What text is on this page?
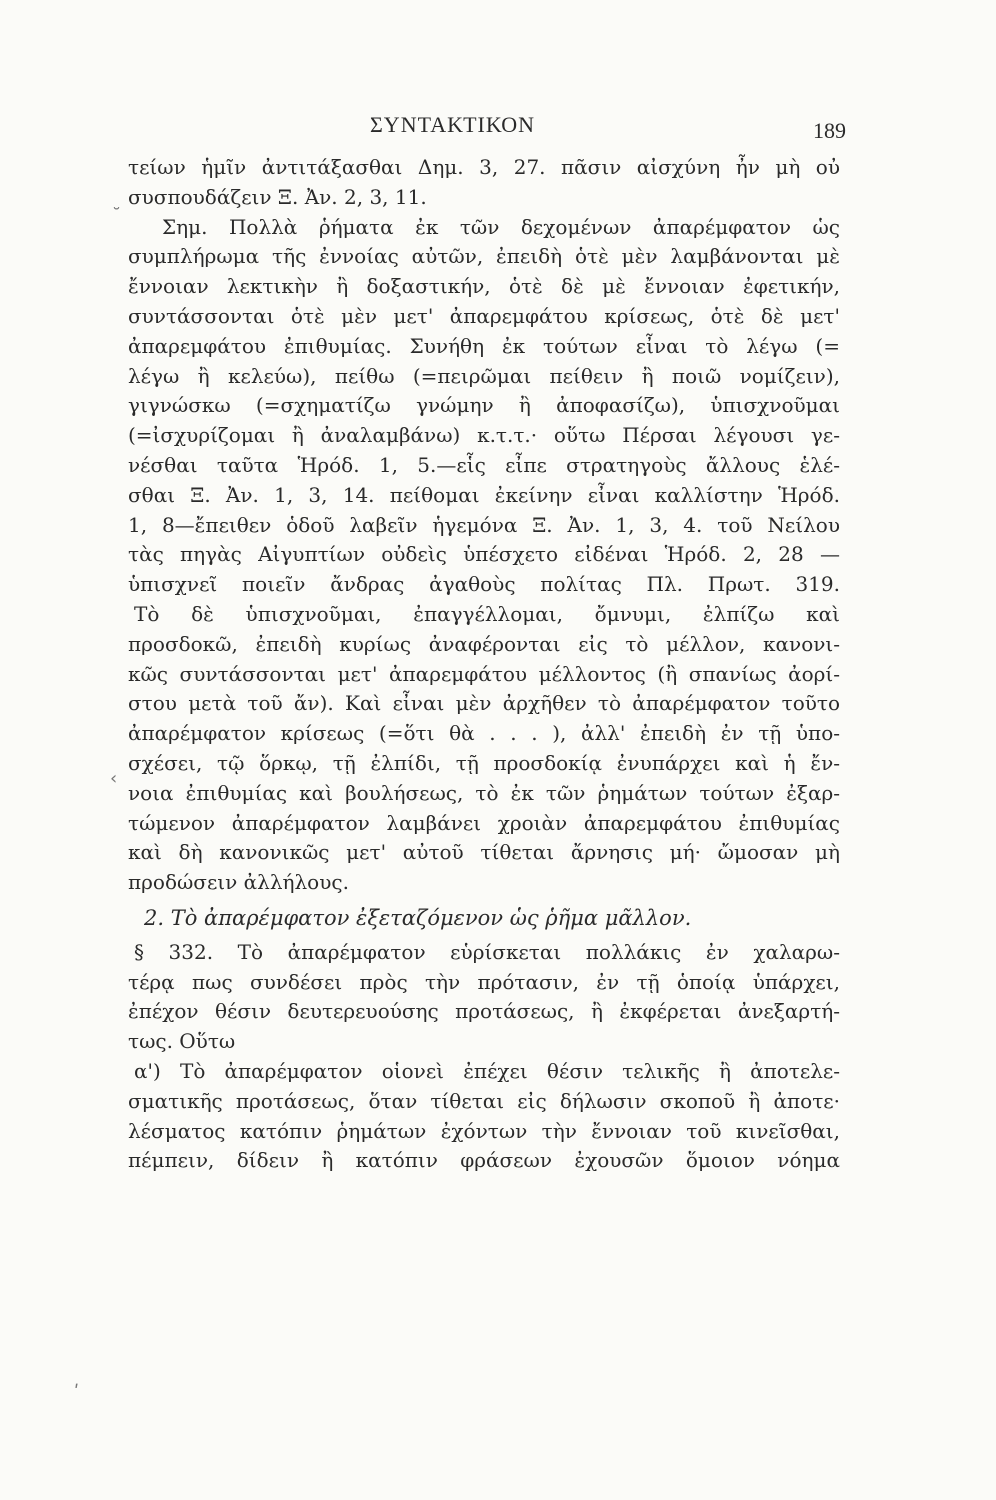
ΣΥΝΤΑΚΤΙΚΟΝ	189
˘
‹
ʹ
τείων ἡμῖν ἀντιτάξασθαι Δημ. 3, 27. πᾶσιν αἰσχύνη ἦν μὴ οὐ
συσπουδάζειν Ξ. Ἀν. 2, 3, 11.
Σημ. Πολλὰ ῥήματα ἐκ τῶν δεχομένων ἀπαρέμφατον ὡς
συμπλήρωμα τῆς ἐννοίας αὐτῶν, ἐπειδὴ ὁτὲ μὲν λαμβάνονται μὲ
ἔννοιαν λεκτικὴν ἢ δοξαστικήν, ὁτὲ δὲ μὲ ἔννοιαν ἐφετικήν,
συντάσσονται ὁτὲ μὲν μετ' ἀπαρεμφάτου κρίσεως, ὁτὲ δὲ μετ'
ἀπαρεμφάτου ἐπιθυμίας. Συνήθη ἐκ τούτων εἶναι τὸ λέγω (=
λέγω ἢ κελεύω), πείθω (=πειρῶμαι πείθειν ἢ ποιῶ νομίζειν),
γιγνώσκω (=σχηματίζω γνώμην ἢ ἀποφασίζω), ὑπισχνοῦμαι
(=ἰσχυρίζομαι ἢ ἀναλαμβάνω) κ.τ.τ.· οὕτω Πέρσαι λέγουσι γε-
νέσθαι ταῦτα Ἡρόδ. 1, 5.—εἷς εἶπε στρατηγοὺς ἄλλους ἑλέ-
σθαι Ξ. Ἀν. 1, 3, 14. πείθομαι ἐκείνην εἶναι καλλίστην Ἡρόδ.
1, 8—ἔπειθεν ὁδοῦ λαβεῖν ἡγεμόνα Ξ. Ἀν. 1, 3, 4. τοῦ Νείλου
τὰς πηγὰς Αἰγυπτίων οὐδεὶς ὑπέσχετο εἰδέναι Ἡρόδ. 2, 28 —
ὑπισχνεῖ ποιεῖν ἄνδρας ἀγαθοὺς πολίτας Πλ. Πρωτ. 319.
Τὸ δὲ ὑπισχνοῦμαι, ἐπαγγέλλομαι, ὄμνυμι, ἐλπίζω καὶ
προσδοκῶ, ἐπειδὴ κυρίως ἀναφέρονται εἰς τὸ μέλλον, κανονι-
κῶς συντάσσονται μετ' ἀπαρεμφάτου μέλλοντος (ἢ σπανίως ἀορί-
στου μετὰ τοῦ ἄν). Καὶ εἶναι μὲν ἀρχῆθεν τὸ ἀπαρέμφατον τοῦτο
ἀπαρέμφατον κρίσεως (=ὅτι θὰ . . . ), ἀλλ' ἐπειδὴ ἐν τῇ ὑπο-
σχέσει, τῷ ὅρκῳ, τῇ ἐλπίδι, τῇ προσδοκίᾳ ἐνυπάρχει καὶ ἡ ἔν-
νοια ἐπιθυμίας καὶ βουλήσεως, τὸ ἐκ τῶν ῥημάτων τούτων ἐξαρ-
τώμενον ἀπαρέμφατον λαμβάνει χροιὰν ἀπαρεμφάτου ἐπιθυμίας
καὶ δὴ κανονικῶς μετ' αὐτοῦ τίθεται ἄρνησις μή· ὤμοσαν μὴ
προδώσειν ἀλλήλους.
2. Τὸ ἀπαρέμφατον ἐξεταζόμενον ὡς ῥῆμα μᾶλλον.
§ 332. Τὸ ἀπαρέμφατον εὑρίσκεται πολλάκις ἐν χαλαρω-
τέρᾳ πως συνδέσει πρὸς τὴν πρότασιν, ἐν τῇ ὁποίᾳ ὑπάρχει,
ἐπέχον θέσιν δευτερευούσης προτάσεως, ἢ ἐκφέρεται ἀνεξαρτή-
τως. Οὕτω
α') Τὸ ἀπαρέμφατον οἱονεὶ ἐπέχει θέσιν τελικῆς ἢ ἀποτελε-
σματικῆς προτάσεως, ὅταν τίθεται εἰς δήλωσιν σκοποῦ ἢ ἀποτε·
λέσματος κατόπιν ῥημάτων ἐχόντων τὴν ἔννοιαν τοῦ κινεῖσθαι,
πέμπειν, δίδειν ἢ κατόπιν φράσεων ἐχουσῶν ὅμοιον νόημα
